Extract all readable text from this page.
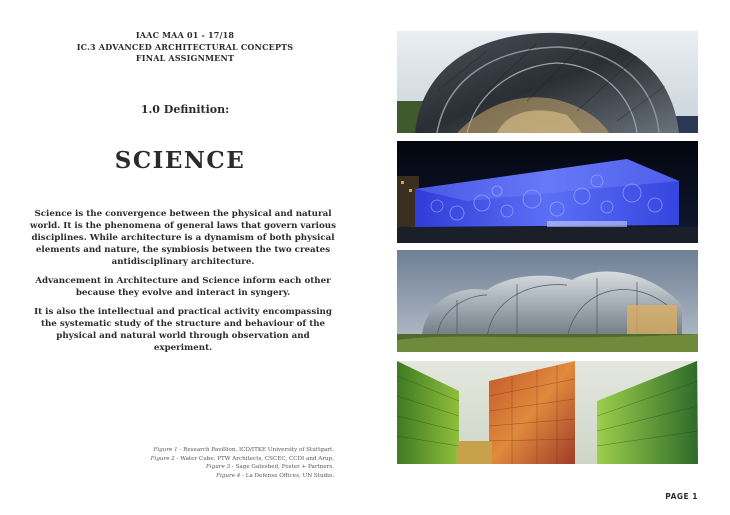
IAAC MAA 01 - 17/18
IC.3 ADVANCED ARCHITECTURAL CONCEPTS
FINAL ASSIGNMENT
1.0 Definition:
SCIENCE

Science is the convergence between the physical and natural world. It is the phenomena of general laws that govern various disciplines. While architecture is a dynamism of both physical elements and nature, the symbiosis between the two creates antidisciplinary architecture.

Advancement in Architecture and Science inform each other because they evolve and interact in syngery.

It is also the intellectual and practical activity encompassing the systematic study of the structure and behaviour of the physical and natural world through observation and experiment.

Figure 1 - Research Pavillion, ICD/ITKE University of Stuttgart.
Figure 2 - Water Cube, PTW Architects, CSCEC, CCDI and Arup.
Figure 3 - Sage Gateshed, Foster + Partners.
Figure 4 - La Defense Offices, UN Studio.
PAGE 1
